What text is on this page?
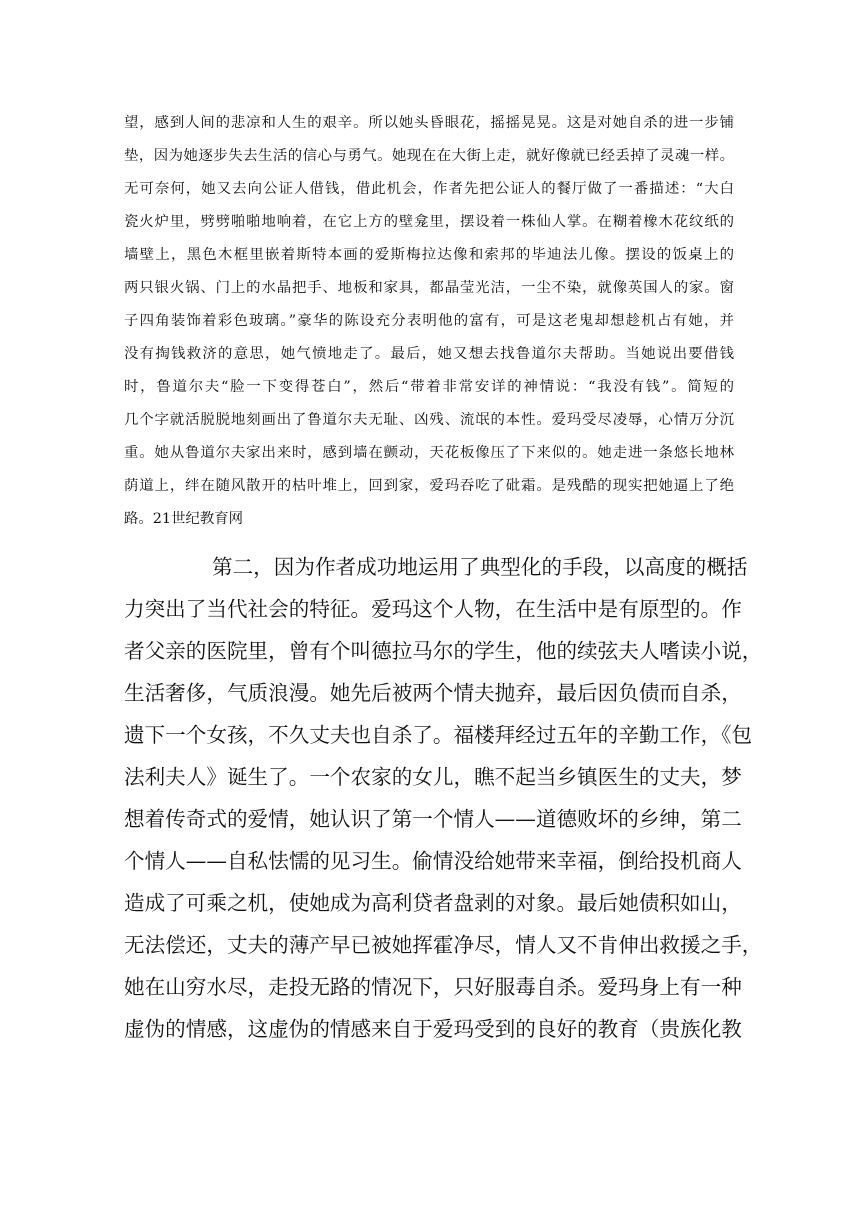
望，感到人间的悲凉和人生的艰辛。所以她头昏眼花，摇摇晃晃。这是对她自杀的进一步铺
垫，因为她逐步失去生活的信心与勇气。她现在在大街上走，就好像就已经丢掉了灵魂一样。
无可奈何，她又去向公证人借钱，借此机会，作者先把公证人的餐厅做了一番描述：“大白
瓷火炉里，劈劈啪啪地响着，在它上方的壁龛里，摆设着一株仙人掌。在糊着橡木花纹纸的
墙壁上，黑色木框里嵌着斯特本画的爱斯梅拉达像和索邦的毕迪法儿像。摆设的饭桌上的
两只银火锅、门上的水晶把手、地板和家具，都晶莹光洁，一尘不染，就像英国人的家。窗
子四角装饰着彩色玻璃。”豪华的陈设充分表明他的富有，可是这老鬼却想趁机占有她，并
没有掏钱救济的意思，她气愤地走了。最后，她又想去找鲁道尔夫帮助。当她说出要借钱
时，鲁道尔夫“脸一下变得苍白”，然后“带着非常安详的神情说：“我没有钱”。简短的
几个字就活脱脱地刻画出了鲁道尔夫无耻、凶残、流氓的本性。爱玛受尽凌辱，心情万分沉
重。她从鲁道尔夫家出来时，感到墙在颤动，天花板像压了下来似的。她走进一条悠长地林
荫道上，绊在随风散开的枯叶堆上，回到家，爱玛吞吃了砒霜。是残酷的现实把她逼上了绝
路。21世纪教育网
第二，因为作者成功地运用了典型化的手段，以高度的概括
力突出了当代社会的特征。爱玛这个人物，在生活中是有原型的。作
者父亲的医院里，曾有个叫德拉马尔的学生，他的续弦夫人嗜读小说，
生活奢侈，气质浪漫。她先后被两个情夫抛弃，最后因负债而自杀，
遗下一个女孩，不久丈夫也自杀了。福楼拜经过五年的辛勤工作，《包
法利夫人》诞生了。一个农家的女儿，瞧不起当乡镇医生的丈夫，梦
想着传奇式的爱情，她认识了第一个情人——道德败坏的乡绅，第二
个情人——自私怯懦的见习生。偷情没给她带来幸福，倒给投机商人
造成了可乘之机，使她成为高利贷者盘剥的对象。最后她债积如山，
无法偿还，丈夫的薄产早已被她挥霍净尽，情人又不肯伸出救援之手，
她在山穷水尽，走投无路的情况下，只好服毒自杀。爱玛身上有一种
虚伪的情感，这虚伪的情感来自于爱玛受到的良好的教育（贵族化教
